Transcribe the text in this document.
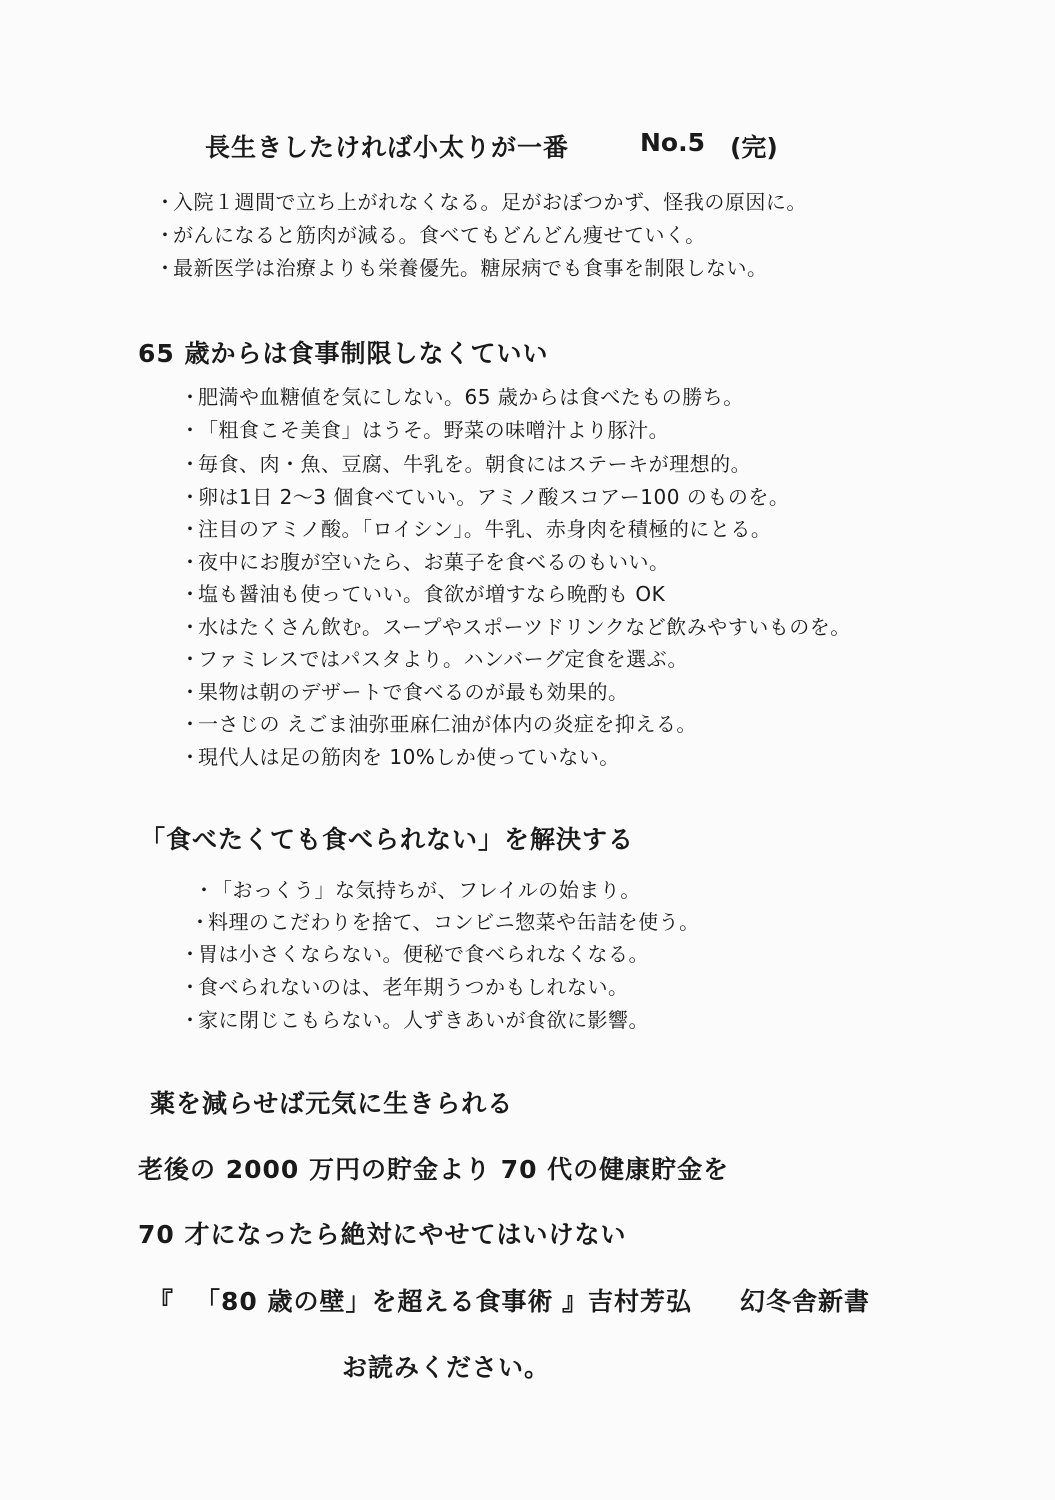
長生きしたければ小太りが一番	No.5 (完)
・入院１週間で立ち上がれなくなる。足がおぼつかず、怪我の原因に。
・がんになると筋肉が減る。食べてもどんどん痩せていく。
・最新医学は治療よりも栄養優先。糖尿病でも食事を制限しない。
65 歳からは食事制限しなくていい
・肥満や血糖値を気にしない。65 歳からは食べたもの勝ち。
・「粗食こそ美食」はうそ。野菜の味噌汁より豚汁。
・毎食、肉・魚、豆腐、牛乳を。朝食にはステーキが理想的。
・卵は1日 2～3 個食べていい。アミノ酸スコアー100 のものを。
・注目のアミノ酸。「ロイシン」。牛乳、赤身肉を積極的にとる。
・夜中にお腹が空いたら、お菓子を食べるのもいい。
・塩も醤油も使っていい。食欲が増すなら晩酌も OK
・水はたくさん飲む。スープやスポーツドリンクなど飲みやすいものを。
・ファミレスではパスタより。ハンバーグ定食を選ぶ。
・果物は朝のデザートで食べるのが最も効果的。
・一さじの えごま油弥亜麻仁油が体内の炎症を抑える。
・現代人は足の筋肉を 10%しか使っていない。
「食べたくても食べられない」を解決する
・「おっくう」な気持ちが、フレイルの始まり。
・料理のこだわりを捨て、コンビニ惣菜や缶詰を使う。
・胃は小さくならない。便秘で食べられなくなる。
・食べられないのは、老年期うつかもしれない。
・家に閉じこもらない。人ずきあいが食欲に影響。
薬を減らせば元気に生きられる
老後の 2000 万円の貯金より 70 代の健康貯金を
70 才になったら絶対にやせてはいけない
『 「80 歳の壁」を超える食事術 』 吉村芳弘 幻冬舎新書
お読みください。
